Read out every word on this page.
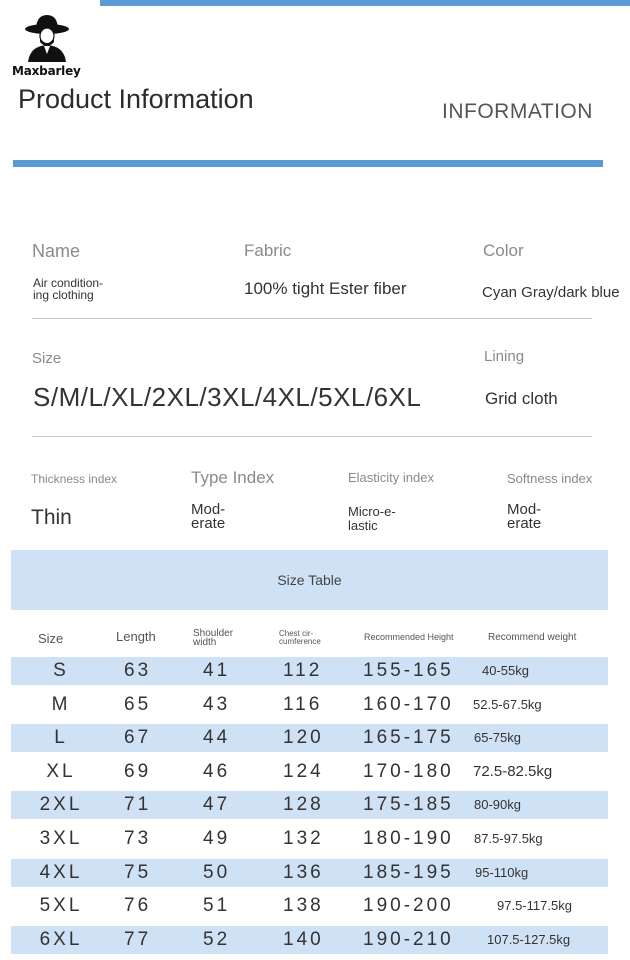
Maxbarley
Product Information	INFORMATION
Name
Air condition-
ing clothing
Fabric
100% tight Ester fiber
Color
Cyan Gray/dark blue
Size
S/M/L/XL/2XL/3XL/4XL/5XL/6XL
Lining
Grid cloth
Thickness index
Thin
Type Index
Mod-
erate
Elasticity index
Micro-e-
lastic
Softness index
Mod-
erate
Size Table
Size	Length	Shoulder
width
Chest cir-
cumference	Recommended Height	Recommend weight
S	63	41	112 155-165 40-55kg
M	65	43	116 160-170 52.5-67.5kg
L	67	44	120 165-175 65-75kg
XL	69	46	124 170-180 72.5-82.5kg
2XL	71	47	128 175-185 80-90kg
3XL	73	49	132 180-190 87.5-97.5kg
4XL	75	50	136 185-195 95-110kg
5XL	76	51	138 190-200	97.5-117.5kg
6XL	77	52	140 190-210	107.5-127.5kg
